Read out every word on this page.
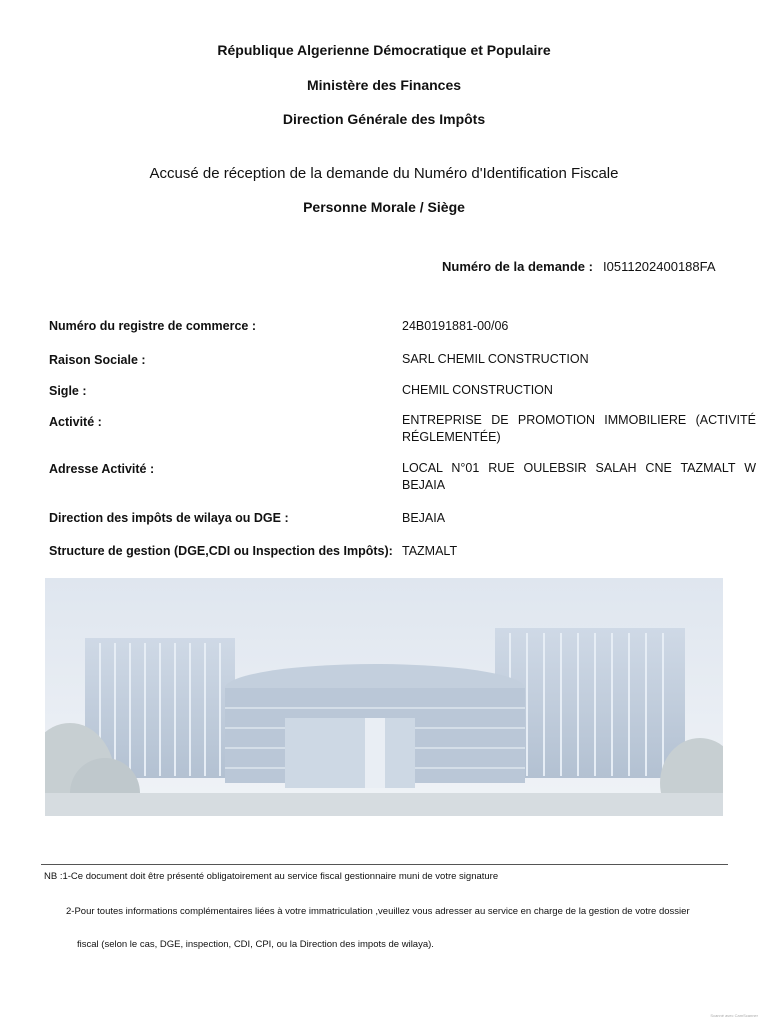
République Algerienne Démocratique et Populaire
Ministère des Finances
Direction Générale des Impôts
Accusé de réception de la demande du Numéro d'Identification Fiscale
Personne Morale / Siège
Numéro de la demande : I0511202400188FA
Numéro du registre de commerce :	24B0191881-00/06
Raison Sociale :	SARL CHEMIL CONSTRUCTION
Sigle :	CHEMIL CONSTRUCTION
Activité :	ENTREPRISE DE PROMOTION IMMOBILIERE (ACTIVITÉ
RÉGLEMENTÉE)
Adresse Activité :	LOCAL N°01 RUE OULEBSIR SALAH CNE TAZMALT W
BEJAIA
Direction des impôts de wilaya ou DGE :	BEJAIA
Structure de gestion (DGE,CDI ou Inspection des Impôts): TAZMALT
NB :1-Ce document doit être présenté obligatoirement au service fiscal gestionnaire muni de votre signature
2-Pour toutes informations complémentaires liées à votre immatriculation ,veuillez vous adresser au service en charge de la gestion de votre dossier
fiscal (selon le cas, DGE, inspection, CDI, CPI, ou la Direction des impots de wilaya).
Scanné avec CamScanner
